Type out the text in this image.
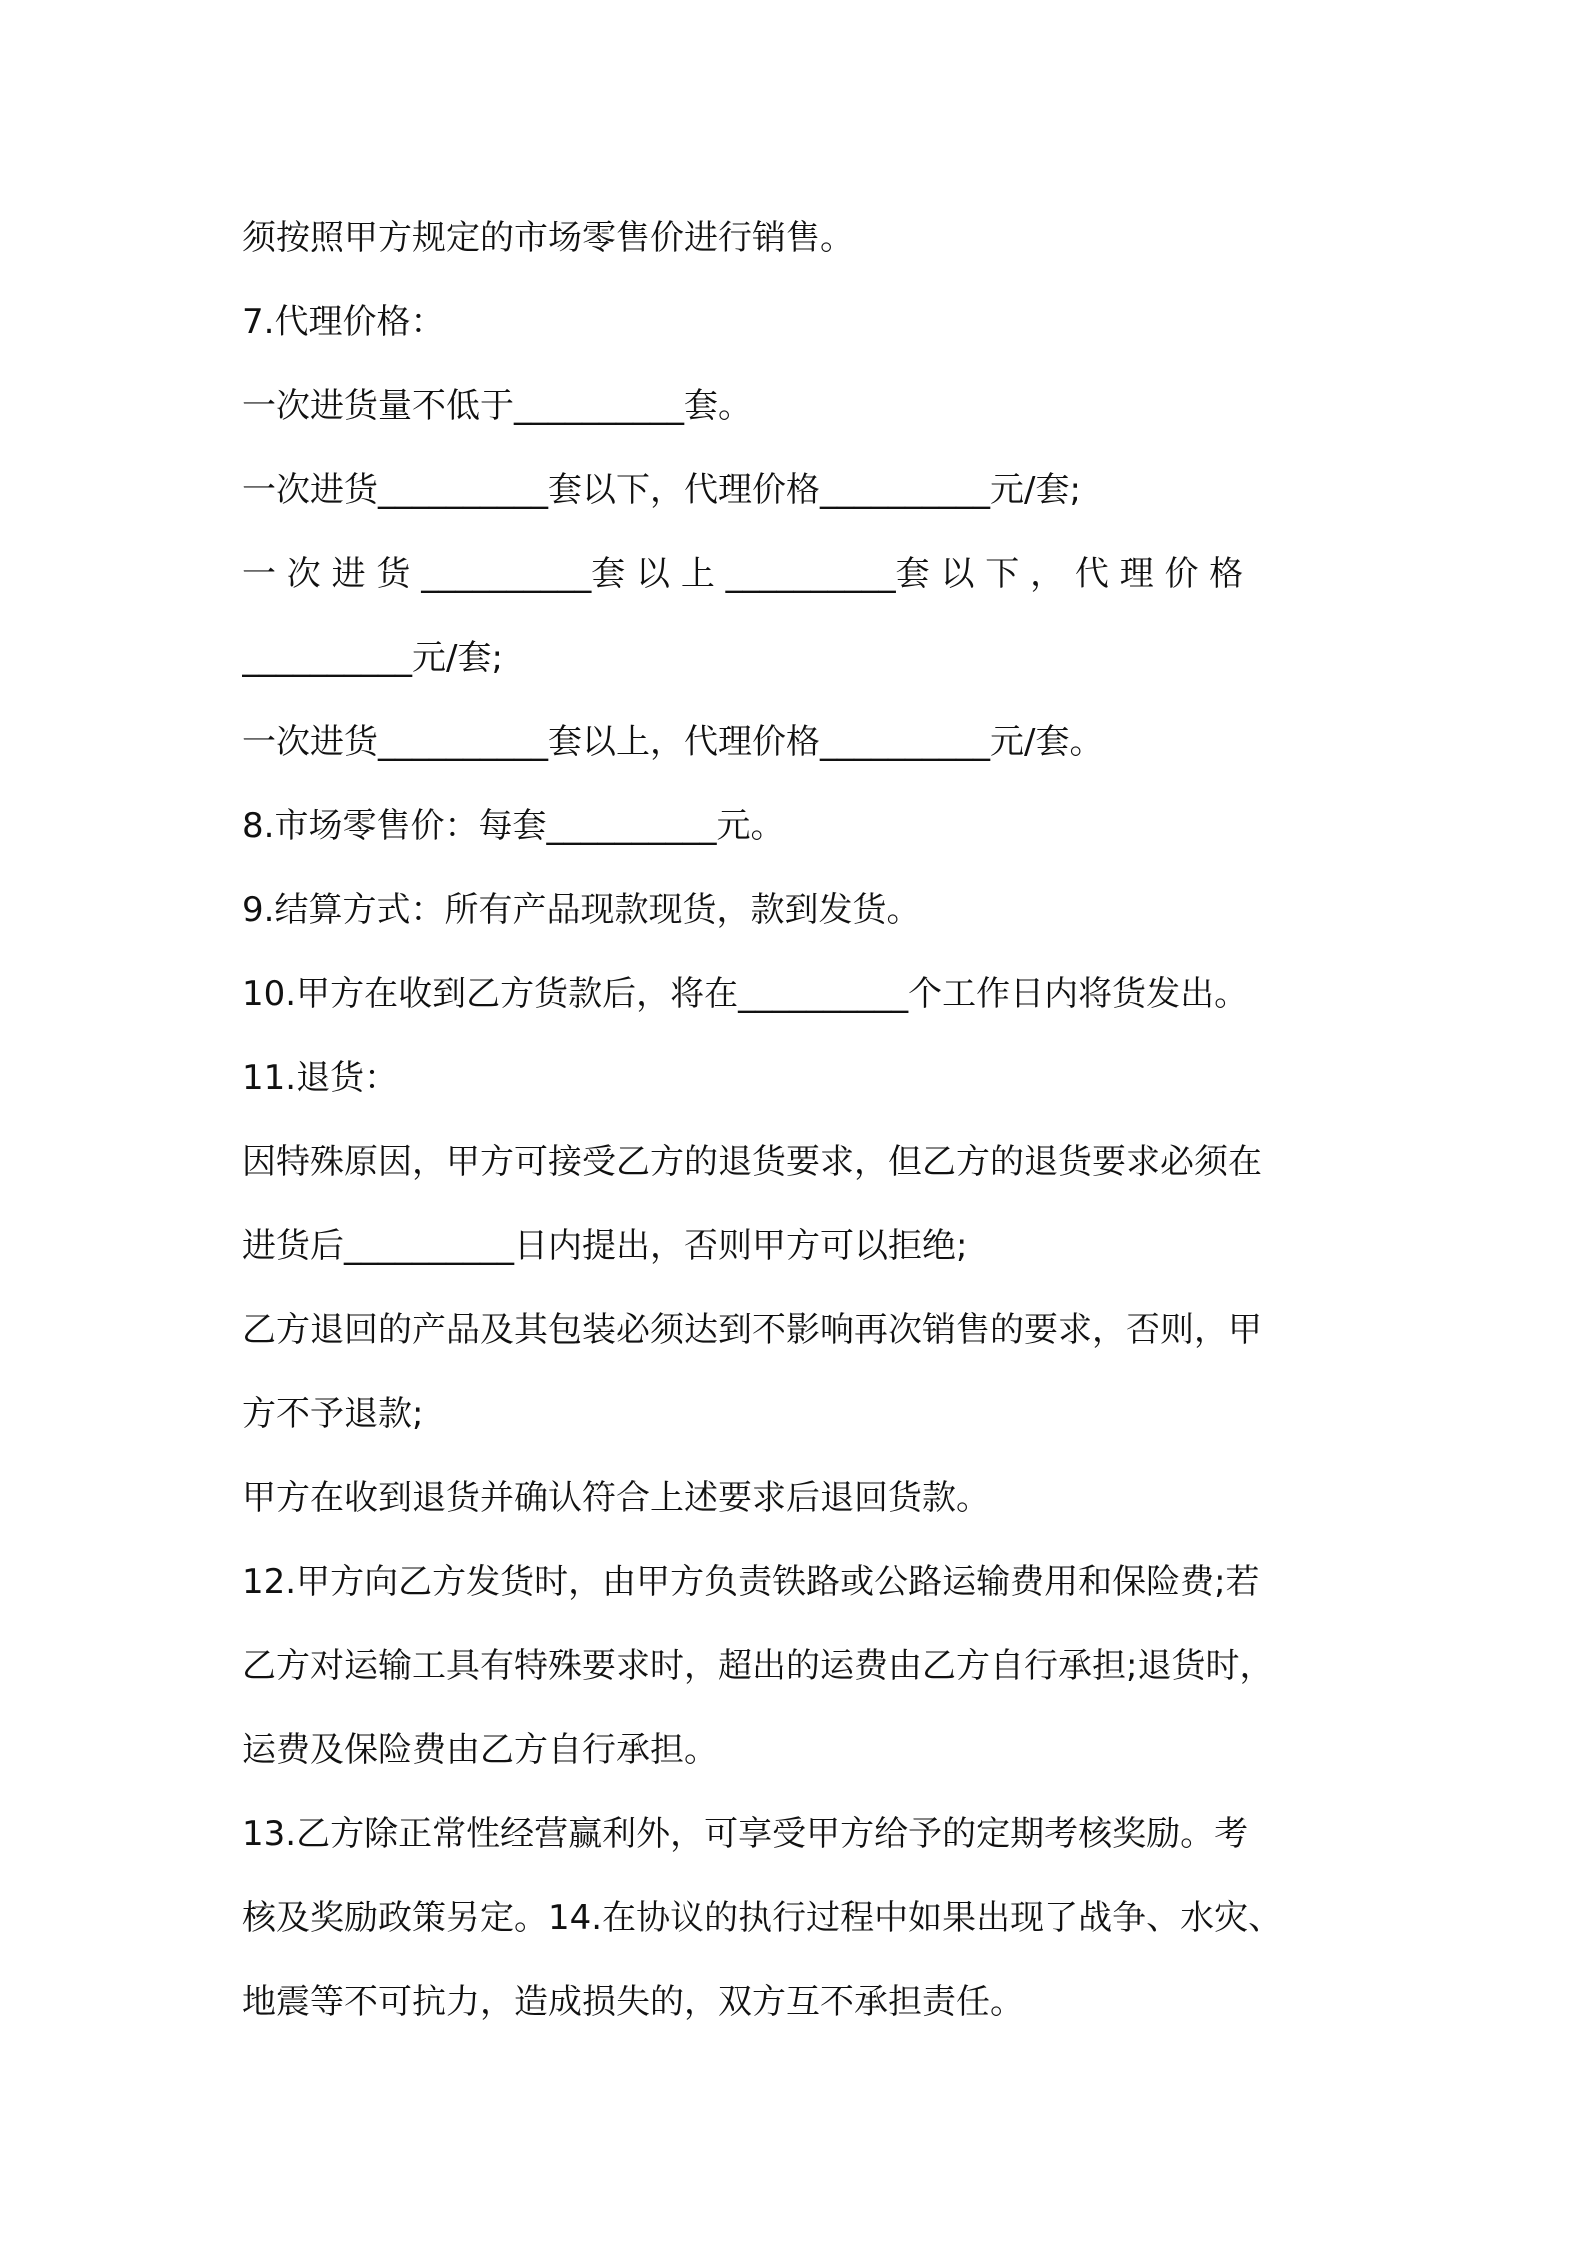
须按照甲方规定的市场零售价进行销售。
7.代理价格：
一次进货量不低于__________套。
一次进货__________套以下，代理价格__________元/套;
一 次 进 货 __________套 以 上 __________套 以 下 ， 代 理 价 格
__________元/套;
一次进货__________套以上，代理价格__________元/套。
8.市场零售价：每套__________元。
9.结算方式：所有产品现款现货，款到发货。
10.甲方在收到乙方货款后，将在__________个工作日内将货发出。
11.退货：
因特殊原因，甲方可接受乙方的退货要求，但乙方的退货要求必须在
进货后__________日内提出，否则甲方可以拒绝;
乙方退回的产品及其包装必须达到不影响再次销售的要求，否则，甲
方不予退款;
甲方在收到退货并确认符合上述要求后退回货款。
12.甲方向乙方发货时，由甲方负责铁路或公路运输费用和保险费;若
乙方对运输工具有特殊要求时，超出的运费由乙方自行承担;退货时，
运费及保险费由乙方自行承担。
13.乙方除正常性经营赢利外，可享受甲方给予的定期考核奖励。考
核及奖励政策另定。14.在协议的执行过程中如果出现了战争、水灾、
地震等不可抗力，造成损失的，双方互不承担责任。
